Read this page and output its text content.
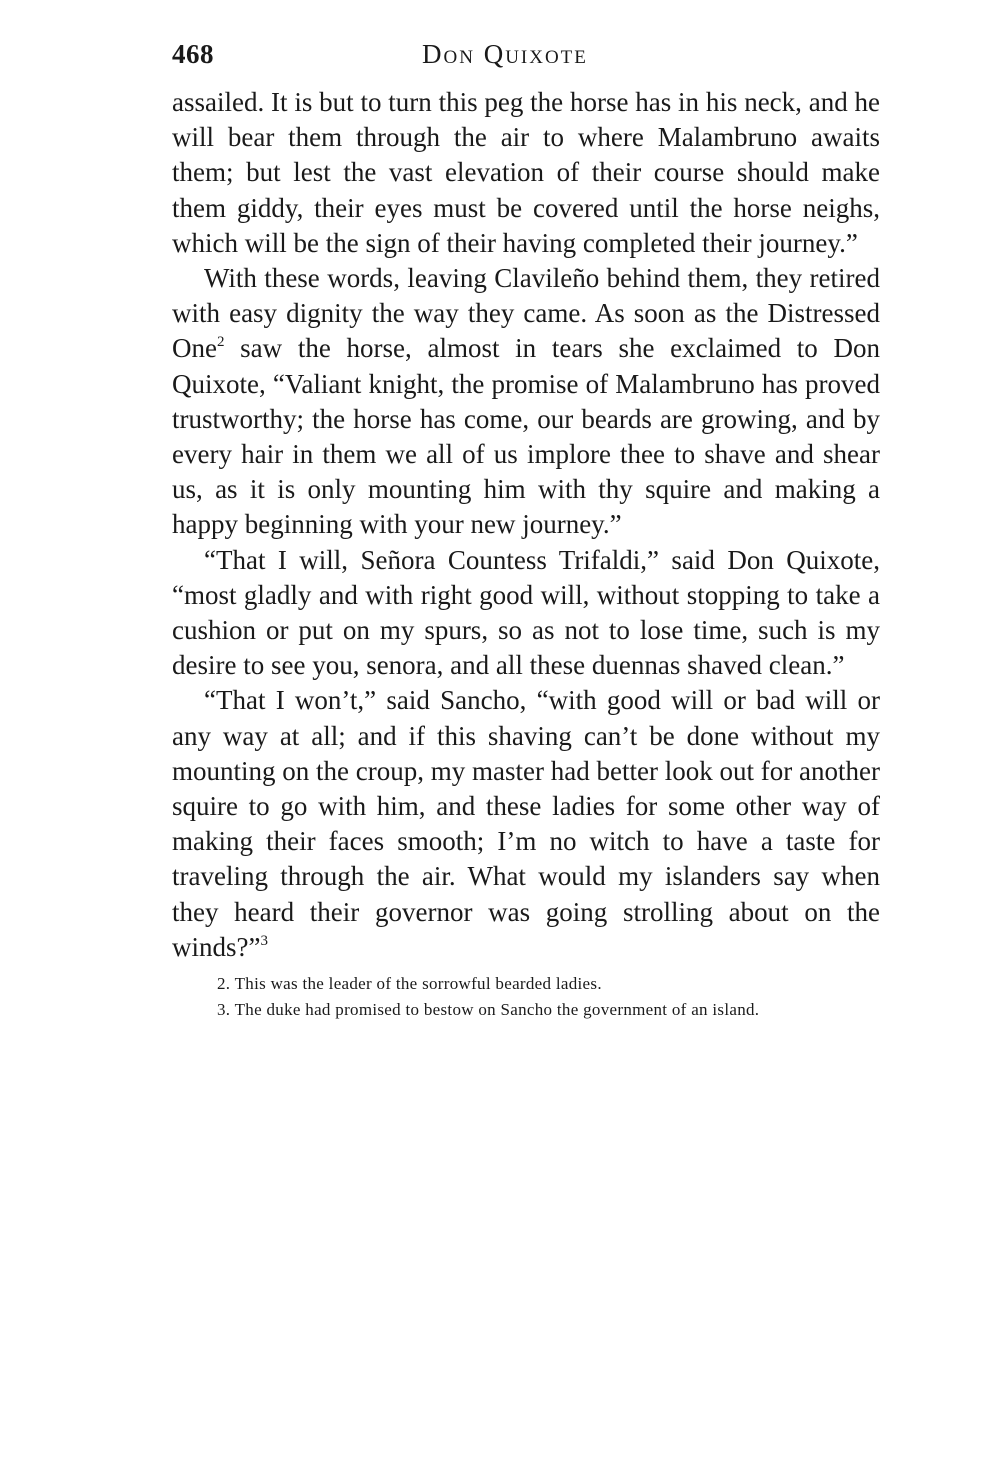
468	Don Quixote

assailed. It is but to turn this peg the horse has in his neck, and he will bear them through the air to where Malambruno awaits them; but lest the vast elevation of their course should make them giddy, their eyes must be covered until the horse neighs, which will be the sign of their having completed their journey.”

With these words, leaving Clavileño behind them, they retired with easy dignity the way they came. As soon as the Distressed One$^2$ saw the horse, almost in tears she exclaimed to Don Quixote, “Valiant knight, the promise of Malambruno has proved trustworthy; the horse has come, our beards are growing, and by every hair in them we all of us implore thee to shave and shear us, as it is only mounting him with thy squire and making a happy beginning with your new journey.”

“That I will, Señora Countess Trifaldi,” said Don Quixote, “most gladly and with right good will, without stopping to take a cushion or put on my spurs, so as not to lose time, such is my desire to see you, senora, and all these duennas shaved clean.”

“That I won’t,” said Sancho, “with good will or bad will or any way at all; and if this shaving can’t be done without my mounting on the croup, my master had better look out for another squire to go with him, and these ladies for some other way of making their faces smooth; I’m no witch to have a taste for traveling through the air. What would my islanders say when they heard their governor was going strolling about on the winds?”$^3$

2. This was the leader of the sorrowful bearded ladies.

3. The duke had promised to bestow on Sancho the government of an island.
